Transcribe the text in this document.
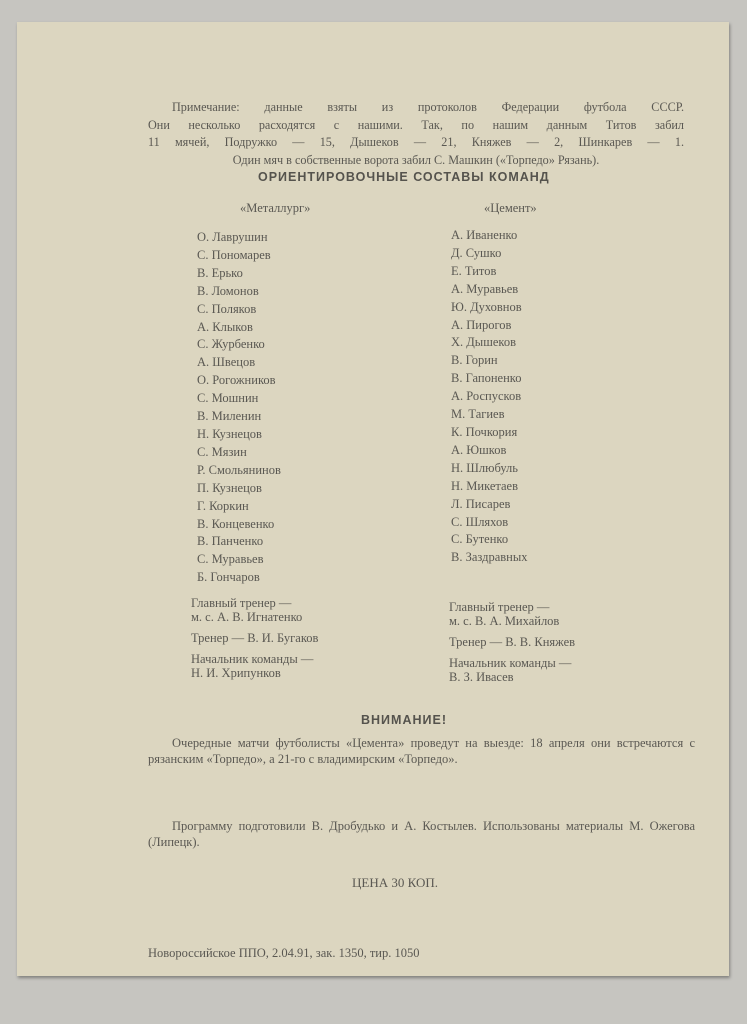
Примечание: данные взяты из протоколов Федерации футбола СССР.
Они несколько расходятся с нашими. Так, по нашим данным Титов забил
11 мячей, Подружко — 15, Дышеков — 21, Княжев — 2, Шинкарев — 1.
Один мяч в собственные ворота забил С. Машкин («Торпедо» Рязань).
ОРИЕНТИРОВОЧНЫЕ СОСТАВЫ КОМАНД
«Металлург»	«Цемент»
О. Лаврушин
С. Пономарев
В. Ерько
В. Ломонов
С. Поляков
А. Клыков
С. Журбенко
А. Швецов
О. Рогожников
С. Мошнин
В. Миленин
Н. Кузнецов
С. Мязин
Р. Смольянинов
П. Кузнецов
Г. Коркин
В. Концевенко
В. Панченко
С. Муравьев
Б. Гончаров
А. Иваненко
Д. Сушко
Е. Титов
А. Муравьев
Ю. Духовнов
А. Пирогов
Х. Дышеков
В. Горин
В. Гапоненко
А. Роспусков
М. Тагиев
К. Почкория
А. Юшков
Н. Шлюбуль
Н. Микетаев
Л. Писарев
С. Шляхов
С. Бутенко
В. Заздравных
Главный тренер —
м. с. А. В. Игнатенко
Тренер — В. И. Бугаков
Начальник команды —
Н. И. Хрипунков
Главный тренер —
м. с. В. А. Михайлов
Тренер — В. В. Княжев
Начальник команды —
В. З. Ивасев
ВНИМАНИЕ!
Очередные матчи футболисты «Цемента» проведут на выезде: 18 апреля они встречаются с рязанским «Торпедо», а 21-го с владимирским «Торпедо».
Программу подготовили В. Дробудько и А. Костылев. Использованы материалы М. Ожегова (Липецк).
ЦЕНА 30 КОП.
Новороссийское ППО, 2.04.91, зак. 1350, тир. 1050
